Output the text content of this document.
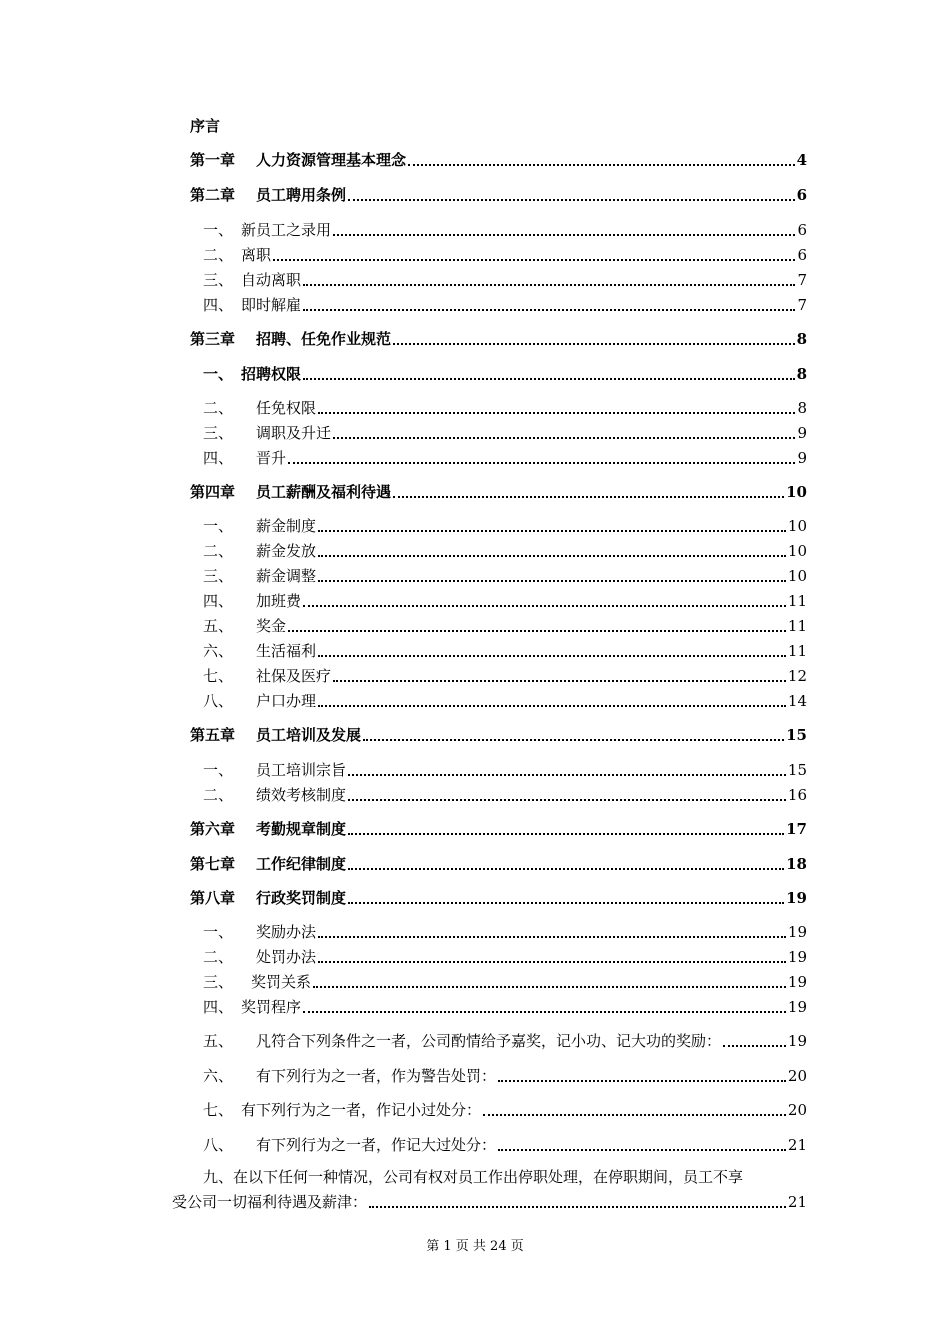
序言
第一章	人力资源管理基本理念	4
第二章	员工聘用条例	6
一、 新员工之录用	6
二、 离职	6
三、 自动离职	7
四、 即时解雇	7
第三章	招聘、任免作业规范	8
一、 招聘权限	8
二、	任免权限	8
三、	调职及升迁	9
四、	晋升	9
第四章	员工薪酬及福利待遇	10
一、	薪金制度	10
二、	薪金发放	10
三、	薪金调整	10
四、	加班费	11
五、	奖金	11
六、	生活福利	11
七、	社保及医疗	12
八、	户口办理	14
第五章	员工培训及发展	15
一、	员工培训宗旨	15
二、	绩效考核制度	16
第六章	考勤规章制度	17
第七章	工作纪律制度	18
第八章	行政奖罚制度	19
一、	奖励办法	19
二、	处罚办法	19
三、	奖罚关系	19
四、 奖罚程序	19
五、	凡符合下列条件之一者，公司酌情给予嘉奖，记小功、记大功的奖励：	19
六、	有下列行为之一者，作为警告处罚：	20
七、 有下列行为之一者，作记小过处分：	20
八、	有下列行为之一者，作记大过处分：	21
九、在以下任何一种情况，公司有权对员工作出停职处理，在停职期间，员工不享
受公司一切福利待遇及薪津：	21
第 1 页 共 24 页
